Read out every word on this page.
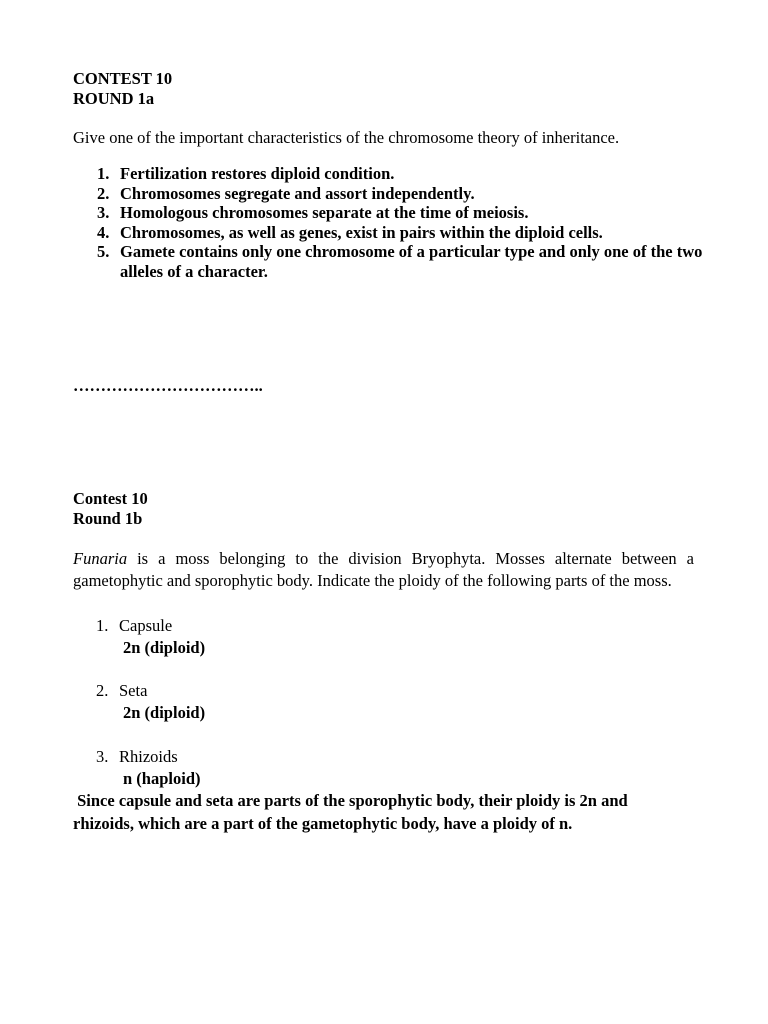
CONTEST 10
ROUND 1a
Give one of the important characteristics of the chromosome theory of inheritance.
1. Fertilization restores diploid condition.
2. Chromosomes segregate and assort independently.
3. Homologous chromosomes separate at the time of meiosis.
4. Chromosomes, as well as genes, exist in pairs within the diploid cells.
5. Gamete contains only one chromosome of a particular type and only one of the two alleles of a character.
……………………………..
Contest 10
Round 1b
Funaria is a moss belonging to the division Bryophyta. Mosses alternate between a gametophytic and sporophytic body. Indicate the ploidy of the following parts of the moss.
1. Capsule
2n (diploid)
2. Seta
2n (diploid)
3. Rhizoids
n (haploid)
Since capsule and seta are parts of the sporophytic body, their ploidy is 2n and
rhizoids, which are a part of the gametophytic body, have a ploidy of n.
